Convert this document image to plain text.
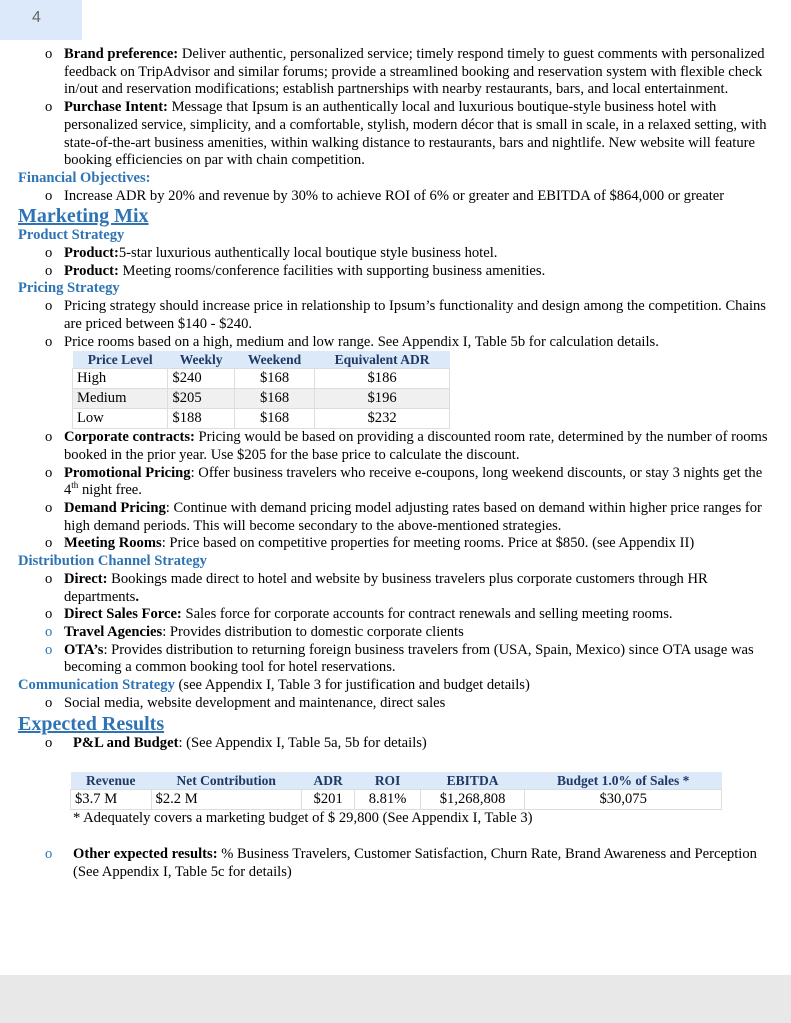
4
o Brand preference: Deliver authentic, personalized service; timely respond timely to guest comments with personalized feedback on TripAdvisor and similar forums; provide a streamlined booking and reservation system with flexible check in/out and reservation modifications; establish partnerships with nearby restaurants, bars, and local entertainment.
o Purchase Intent: Message that Ipsum is an authentically local and luxurious boutique-style business hotel with personalized service, simplicity, and a comfortable, stylish, modern décor that is small in scale, in a relaxed setting, with state-of-the-art business amenities, within walking distance to restaurants, bars and nightlife. New website will feature booking efficiencies on par with chain competition.
Financial Objectives:
o Increase ADR by 20% and revenue by 30% to achieve ROI of 6% or greater and EBITDA of $864,000 or greater
Marketing Mix
Product Strategy
o Product:5-star luxurious authentically local boutique style business hotel.
o Product: Meeting rooms/conference facilities with supporting business amenities.
Pricing Strategy
o Pricing strategy should increase price in relationship to Ipsum’s functionality and design among the competition. Chains are priced between $140 - $240.
o Price rooms based on a high, medium and low range. See Appendix I, Table 5b for calculation details.
Price Level	Weekly	Weekend	Equivalent ADR
High	$240	$168	$186
Medium	$205	$168	$196
Low	$188	$168	$232
o Corporate contracts: Pricing would be based on providing a discounted room rate, determined by the number of rooms booked in the prior year. Use $205 for the base price to calculate the discount.
o Promotional Pricing: Offer business travelers who receive e-coupons, long weekend discounts, or stay 3 nights get the 4th night free.
o Demand Pricing: Continue with demand pricing model adjusting rates based on demand within higher price ranges for high demand periods. This will become secondary to the above-mentioned strategies.
o Meeting Rooms: Price based on competitive properties for meeting rooms. Price at $850. (see Appendix II)
Distribution Channel Strategy
o Direct: Bookings made direct to hotel and website by business travelers plus corporate customers through HR departments.
o Direct Sales Force: Sales force for corporate accounts for contract renewals and selling meeting rooms.
o Travel Agencies: Provides distribution to domestic corporate clients
o OTA’s: Provides distribution to returning foreign business travelers from (USA, Spain, Mexico) since OTA usage was becoming a common booking tool for hotel reservations.
Communication Strategy (see Appendix I, Table 3 for justification and budget details)
o Social media, website development and maintenance, direct sales
Expected Results
o P&L and Budget: (See Appendix I, Table 5a, 5b for details)
Revenue	Net Contribution	ADR	ROI	EBITDA	Budget 1.0% of Sales *
$3.7 M	$2.2 M	$201	8.81%	$1,268,808	$30,075
* Adequately covers a marketing budget of $ 29,800 (See Appendix I, Table 3)
o Other expected results: % Business Travelers, Customer Satisfaction, Churn Rate, Brand Awareness and Perception (See Appendix I, Table 5c for details)
